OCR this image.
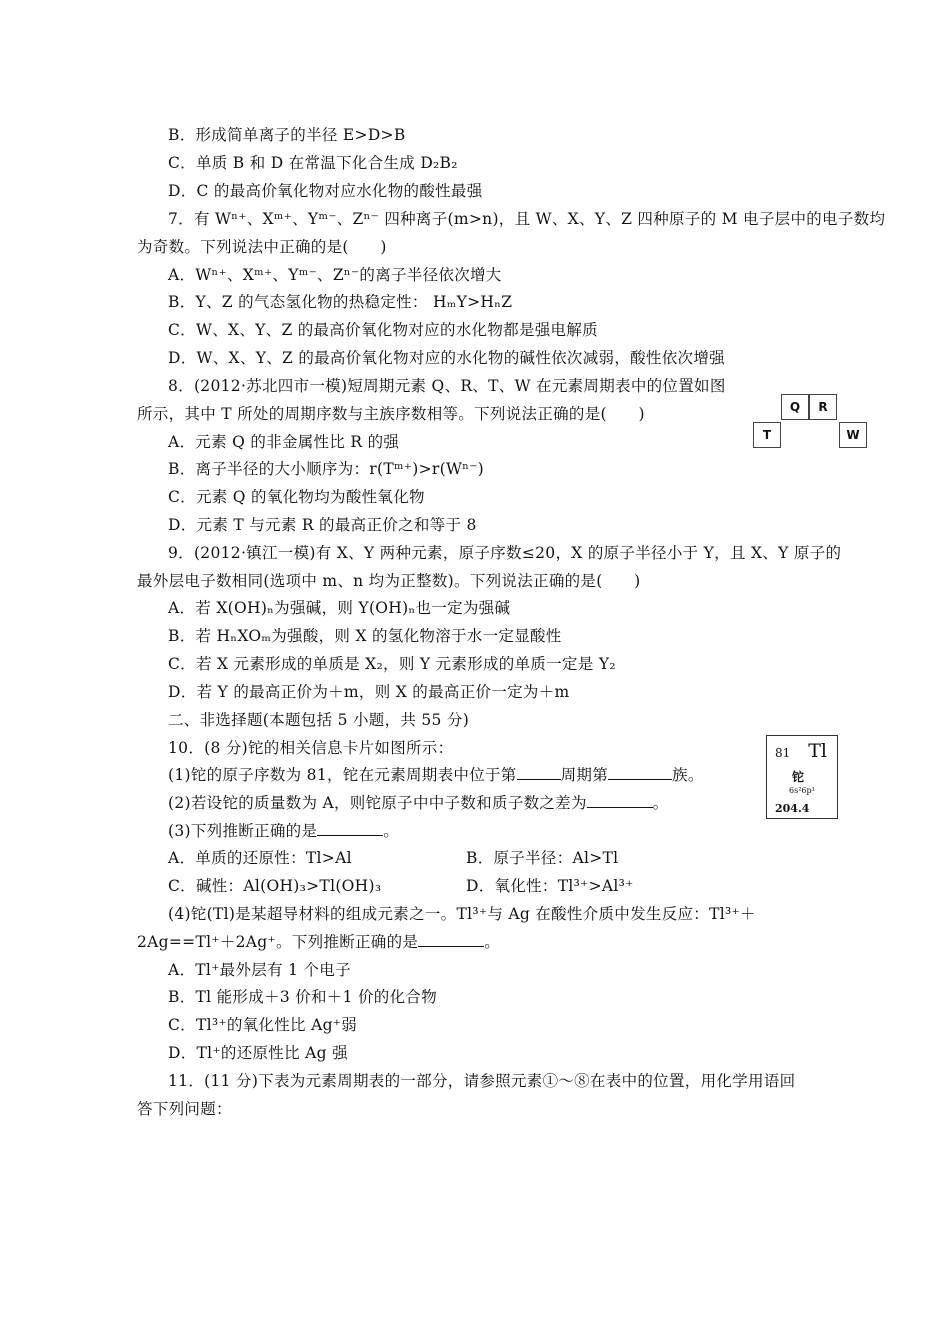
B．形成简单离子的半径 E>D>B
C．单质 B 和 D 在常温下化合生成 D₂B₂
D．C 的最高价氧化物对应水化物的酸性最强
7．有 Wⁿ⁺、Xᵐ⁺、Yᵐ⁻、Zⁿ⁻ 四种离子(m>n)，且 W、X、Y、Z 四种原子的 M 电子层中的电子数均
为奇数。下列说法中正确的是(　　)
A．Wⁿ⁺、Xᵐ⁺、Yᵐ⁻、Zⁿ⁻的离子半径依次增大
B．Y、Z 的气态氢化物的热稳定性： HₘY>HₙZ
C．W、X、Y、Z 的最高价氧化物对应的水化物都是强电解质
D．W、X、Y、Z 的最高价氧化物对应的水化物的碱性依次减弱，酸性依次增强
8．(2012·苏北四市一模)短周期元素 Q、R、T、W 在元素周期表中的位置如图
所示，其中 T 所处的周期序数与主族序数相等。下列说法正确的是(　　)
A．元素 Q 的非金属性比 R 的强
B．离子半径的大小顺序为：r(Tᵐ⁺)>r(Wⁿ⁻)
C．元素 Q 的氧化物均为酸性氧化物
D．元素 T 与元素 R 的最高正价之和等于 8
Q	R
T	W
9．(2012·镇江一模)有 X、Y 两种元素，原子序数≤20，X 的原子半径小于 Y，且 X、Y 原子的
最外层电子数相同(选项中 m、n 均为正整数)。下列说法正确的是(　　)
A．若 X(OH)ₙ为强碱，则 Y(OH)ₙ也一定为强碱
B．若 HₙXOₘ为强酸，则 X 的氢化物溶于水一定显酸性
C．若 X 元素形成的单质是 X₂，则 Y 元素形成的单质一定是 Y₂
D．若 Y 的最高正价为＋m，则 X 的最高正价一定为＋m
二、非选择题(本题包括 5 小题，共 55 分)
10．(8 分)铊的相关信息卡片如图所示：
(1)铊的原子序数为 81，铊在元素周期表中位于第	周期第	族。
(2)若设铊的质量数为 A，则铊原子中中子数和质子数之差为	。
(3)下列推断正确的是	。
A．单质的还原性：Tl>Al	B．原子半径：Al>Tl
C．碱性：Al(OH)₃>Tl(OH)₃	D．氧化性：Tl³⁺>Al³⁺
(4)铊(Tl)是某超导材料的组成元素之一。Tl³⁺与 Ag 在酸性介质中发生反应：Tl³⁺＋
2Ag==Tl⁺＋2Ag⁺。下列推断正确的是	。
A．Tl⁺最外层有 1 个电子
B．Tl 能形成＋3 价和＋1 价的化合物
C．Tl³⁺的氧化性比 Ag⁺弱
D．Tl⁺的还原性比 Ag 强
81 Tl
铊
6s²6p¹
204.4
11．(11 分)下表为元素周期表的一部分，请参照元素①～⑧在表中的位置，用化学用语回
答下列问题：
